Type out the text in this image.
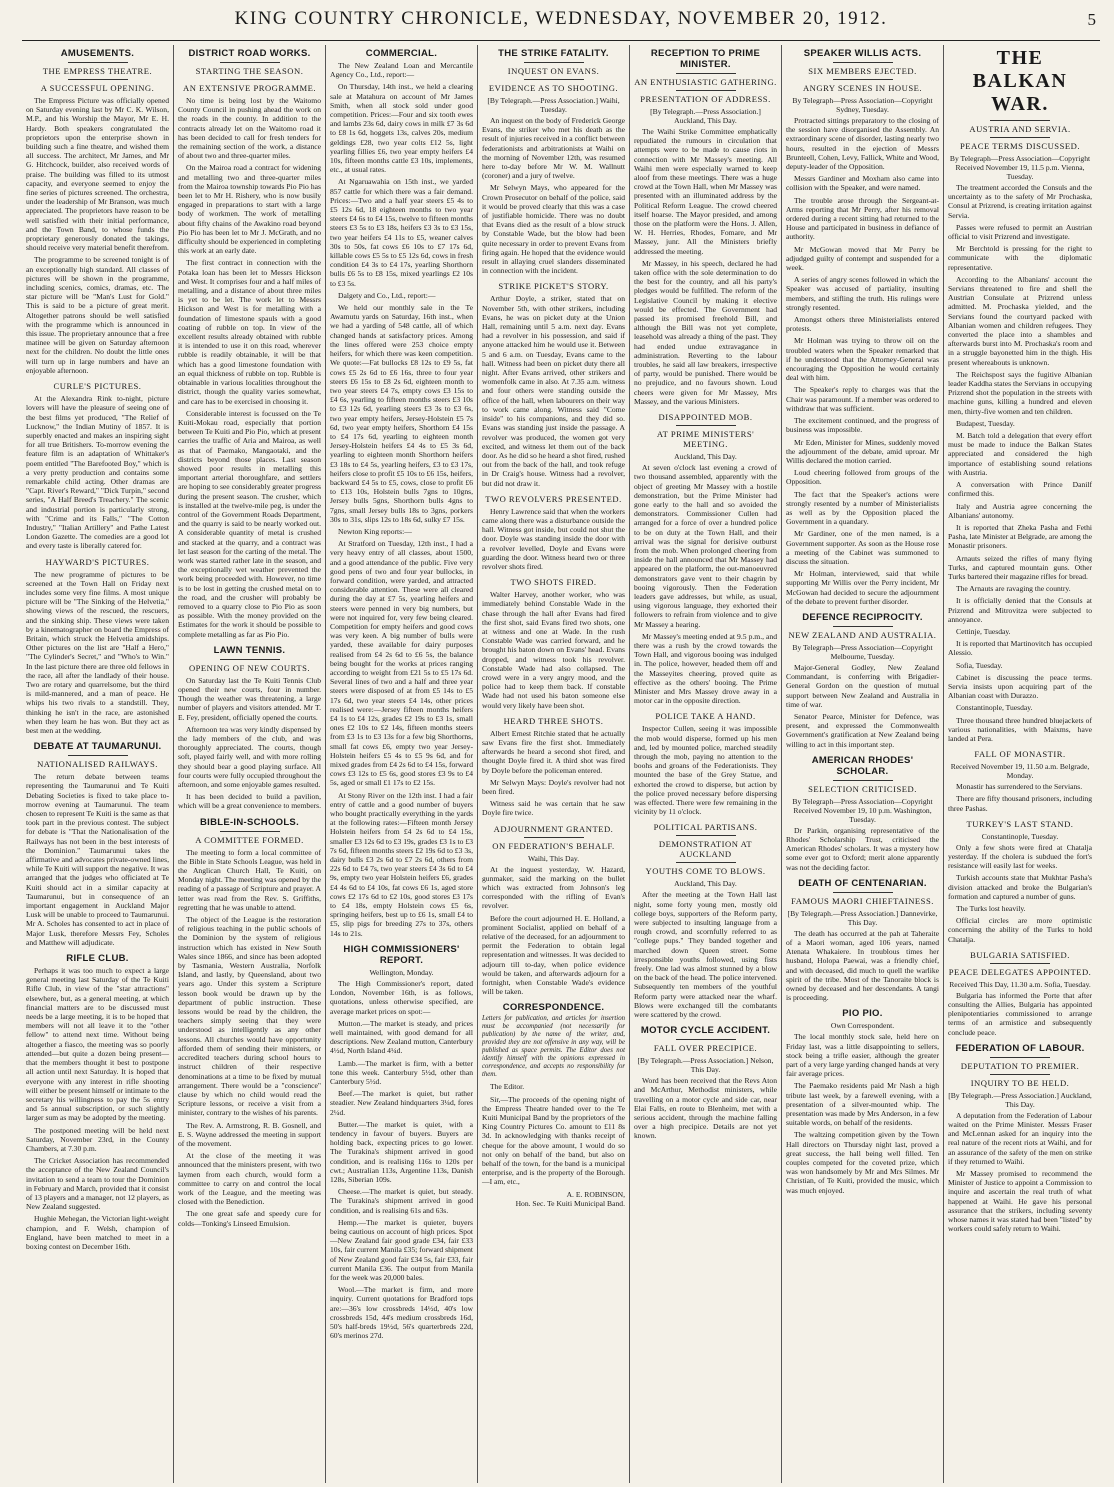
KING COUNTRY CHRONICLE, WEDNESDAY, NOVEMBER 20, 1912.	5
AMUSEMENTS.
THE EMPRESS THEATRE.
A SUCCESSFUL OPENING.

The Empress Picture was officially opened on Saturday evening last by Mr C. K. Wilson, M.P., and his Worship the Mayor, Mr E. H. Hardy. Both speakers congratulated the proprietors upon the enterprise shown in building such a fine theatre, and wished them all success. The architect, Mr James, and Mr G. Hitchcock, builder, also received words of praise. The building was filled to its utmost capacity, and everyone seemed to enjoy the fine series of pictures screened. The orchestra, under the leadership of Mr Branson, was much appreciated. The proprietors have reason to be well satisfied with their initial performance, and the Town Band, to whose funds the proprietary generously donated the takings, should receive very material benefit therefrom.

The programme to be screened tonight is of an exceptionally high standard. All classes of pictures will be shown in the programme, including scenics, comics, dramas, etc. The star picture will be "Man's Lust for Gold." This is said to be a picture of great merit. Altogether patrons should be well satisfied with the programme which is announced in this issue. The proprietary announce that a free matinee will be given on Saturday afternoon next for the children. No doubt the little ones will turn up in large numbers and have an enjoyable afternoon.

CURLE'S PICTURES.

At the Alexandra Rink to-night, picture lovers will have the pleasure of seeing one of the best films yet produced, "The Relief of Lucknow," the Indian Mutiny of 1857. It is superbly enacted and makes an inspiring sight for all true Britishers. To-morrow evening the feature film is an adaptation of Whittaker's poem entitled "The Barefooted Boy," which is a very pretty production and contains some remarkable child acting. Other dramas are "Capt. River's Reward," "Dick Turpin," second series, "A Half Breed's Treachery." The scenic and industrial portion is particularly strong, with "Crime and its Falls," "The Cotton Industry," "Italian Artillery" and Pathe Latest London Gazette. The comedies are a good lot and every taste is liberally catered for.

HAYWARD'S PICTURES.

The new programme of pictures to be screened at the Town Hall on Friday next includes some very fine films. A most unique picture will be "The Sinking of the Helvetia," showing views of the rescued, the rescuers, and the sinking ship. These views were taken by a kinematographer on board the Empress of Britain, which struck the Helvetia amidships. Other pictures on the list are "Half a Hero," "The Cylinder's Secret," and "Who's to Win." In the last picture there are three old fellows in the race, all after the landlady of their house. Two are rotary and quarrelsome, but the third is mild-mannered, and a man of peace. He whips his two rivals to a standstill. They, thinking he isn't in the race, are astonished when they learn he has won. But they act as best men at the wedding.

DEBATE AT TAUMARUNUI.
NATIONALISED RAILWAYS.

The return debate between teams representing the Taumarunui and Te Kuiti Debating Societies is fixed to take place to-morrow evening at Taumarunui. The team chosen to represent Te Kuiti is the same as that took part in the previous contest. The subject for debate is "That the Nationalisation of the Railways has not been in the best interests of the Dominion." Taumarunui takes the affirmative and advocates private-owned lines, while Te Kuiti will support the negative. It was arranged that the judges who officiated at Te Kuiti should act in a similar capacity at Taumarunui, but in consequence of an important engagement in Auckland Major Lusk will be unable to proceed to Taumarunui. Mr A. Scholes has consented to act in place of Major Lusk, therefore Messrs Fey, Scholes and Matthew will adjudicate.

RIFLE CLUB.

Perhaps it was too much to expect a large general meeting last Saturday of the Te Kuiti Rifle Club, in view of the "star attractions" elsewhere, but, as a general meeting, at which financial matters are to be discussed must needs be a large meeting, it is to be hoped that members will not all leave it to the "other fellow" to attend next time. Without being altogether a fiasco, the meeting was so poorly attended—but quite a dozen being present—that the members thought it best to postpone all action until next Saturday. It is hoped that everyone with any interest in rifle shooting will either be present himself or intimate to the secretary his willingness to pay the 5s entry and 5s annual subscription, or such slightly larger sum as may be adopted by the meeting.

The postponed meeting will be held next Saturday, November 23rd, in the County Chambers, at 7.30 p.m.

The Cricket Association has recommended the acceptance of the New Zealand Council's invitation to send a team to tour the Dominion in February and March, provided that it consist of 13 players and a manager, not 12 players, as New Zealand suggested.

Hughie Mehegan, the Victorian light-weight champion, and F. Welsh, champion of England, have been matched to meet in a boxing contest on December 16th.

DISTRICT ROAD WORKS.
STARTING THE SEASON.
AN EXTENSIVE PROGRAMME.

No time is being lost by the Waitomo County Council in pushing ahead the work on the roads in the county. In addition to the contracts already let on the Waitomo road it has been decided to call for fresh tenders for the remaining section of the work, a distance of about two and three-quarter miles.

On the Mairoa road a contract for widening and metalling two and three-quarter miles from the Mairoa township towards Pio Pio has been let to Mr H. Rishery, who is now busily engaged in preparations to start with a large body of workmen. The work of metalling about fifty chains of the Awakino road beyond Pio Pio has been let to Mr J. McGrath, and no difficulty should be experienced in completing this work at an early date.

The first contract in connection with the Potaka loan has been let to Messrs Hickson and West. It comprises four and a half miles of metalling, and a distance of about three miles is yet to be let. The work let to Messrs Hickson and West is for metalling with a foundation of limestone spauls with a good coating of rubble on top. In view of the excellent results already obtained with rubble it is intended to use it on this road, wherever rubble is readily obtainable, it will be that which has a good limestone foundation with an equal thickness of rubble on top. Rubble is obtainable in various localities throughout the district, though the quality varies somewhat, and care has to be exercised in choosing it.

Considerable interest is focussed on the Te Kuiti-Mokau road, especially that portion between Te Kuiti and Pio Pio, which at present carries the traffic of Aria and Mairoa, as well as that of Paemako, Mangaotaki, and the districts beyond those places. Last season showed poor results in metalling this important arterial thoroughfare, and settlers are hoping to see considerably greater progress during the present season. The crusher, which is installed at the twelve-mile peg, is under the control of the Government Roads Department, and the quarry is said to be nearly worked out. A considerable quantity of metal is crushed and stacked at the quarry, and a contract was let last season for the carting of the metal. The work was started rather late in the season, and the exceptionally wet weather prevented the work being proceeded with. However, no time is to be lost in getting the crushed metal on to the road, and the crusher will probably be removed to a quarry close to Pio Pio as soon as possible. With the money provided on the Estimates for the work it should be possible to complete metalling as far as Pio Pio.

LAWN TENNIS.
OPENING OF NEW COURTS.

On Saturday last the Te Kuiti Tennis Club opened their new courts, four in number. Though the weather was threatening, a large number of players and visitors attended. Mr T. E. Fey, president, officially opened the courts.

Afternoon tea was very kindly dispensed by the lady members of the club, and was thoroughly appreciated. The courts, though soft, played fairly well, and with more rolling they should bear a good playing surface. All four courts were fully occupied throughout the afternoon, and some enjoyable games resulted.

It has been decided to build a pavilion, which will be a great convenience to members.

BIBLE-IN-SCHOOLS.
A COMMITTEE FORMED.

The meeting to form a local committee of the Bible in State Schools League, was held in the Anglican Church Hall, Te Kuiti, on Monday night. The meeting was opened by the reading of a passage of Scripture and prayer. A letter was read from the Rev. S. Griffiths, regretting that he was unable to attend.

The object of the League is the restoration of religious teaching in the public schools of the Dominion by the system of religious instruction which has existed in New South Wales since 1866, and since has been adopted by Tasmania, Western Australia, Norfolk Island, and lastly, by Queensland, about two years ago. Under this system a Scripture lesson book would be drawn up by the department of public instruction. These lessons would be read by the children, the teachers simply seeing that they were understood as intelligently as any other lessons. All churches would have opportunity afforded them of sending their ministers, or accredited teachers during school hours to instruct children of their respective denominations at a time to be fixed by mutual arrangement. There would be a "conscience" clause by which no child would read the Scripture lessons, or receive a visit from a minister, contrary to the wishes of his parents.

The Rev. A. Armstrong, R. B. Gosnell, and E. S. Wayne addressed the meeting in support of the movement.

At the close of the meeting it was announced that the ministers present, with two laymen from each church, would form a committee to carry on and control the local work of the League, and the meeting was closed with the Benediction.

The one great safe and speedy cure for colds—Tonking's Linseed Emulsion.

COMMERCIAL.

The New Zealand Loan and Mercantile Agency Co., Ltd., report:—

On Thursday, 14th inst., we held a clearing sale at Matahura on account of Mr James Smith, when all stock sold under good competition. Prices:—Four and six tooth ewes and lambs 23s 6d, dairy cows in milk £7 3s 6d to £8 1s 6d, hoggets 13s, calves 20s, medium geldings £28, two year colts £12 5s, light yearling fillies £6, two year empty heifers £4 10s, fifteen months cattle £3 10s, implements, etc., at usual rates.

At Ngaruawahia on 15th inst., we yarded 857 cattle for which there was a fair demand. Prices:—Two and a half year steers £5 4s to £5 12s 6d, 18 eighteen months to two year steers £4 6s to £4 15s, twelve to fifteen months steers £3 5s to £3 18s, heifers £3 3s to £3 15s, two year heifers £4 11s to £5, weaner calves 30s to 50s, fat cows £6 10s to £7 17s 6d, killable cows £5 5s to £5 12s 6d, cows in fresh condition £4 3s to £4 17s, yearling Shorthorn bulls £6 5s to £8 15s, mixed yearlings £2 10s to £3 5s.

Dalgety and Co., Ltd., report:—

We held our monthly sale in the Te Awamutu yards on Saturday, 16th inst., when we had a yarding of 548 cattle, all of which changed hands at satisfactory prices. Among the lines offered were 253 choice empty heifers, for which there was keen competition. We quote:—Fat bullocks £8 12s to £9 5s, fat cows £5 2s 6d to £6 16s, three to four year steers £6 15s to £8 2s 6d, eighteen month to two year steers £4 7s, empty cows £3 15s to £4 6s, yearling to fifteen months steers £3 10s to £3 12s 6d, yearling steers £3 3s to £3 6s, two year empty heifers, Jersey-Holstein £5 7s 6d, two year empty heifers, Shorthorn £4 15s to £4 17s 6d, yearling to eighteen month Jersey-Holstein heifers £4 4s to £5 3s 6d, yearling to eighteen month Shorthorn heifers £3 18s to £4 5s, yearling heifers, £3 to £3 17s, heifers close to profit £5 10s to £6 15s, heifers, backward £4 5s to £5, cows, close to profit £6 to £13 10s, Holstein bulls 7gns to 10gns, Jersey bulls 5gns, Shorthorn bulls 4gns to 7gns, small Jersey bulls 18s to 3gns, porkers 30s to 31s, slips 12s to 18s 6d, sulky £7 15s.

Newton King reports:—

At Stratford on Tuesday, 12th inst., I had a very heavy entry of all classes, about 1500, and a good attendance of the public. Five very good pens of two and four year bullocks, in forward condition, were yarded, and attracted considerable attention. These were all cleared during the day at £7 5s, yearling heifers and steers were penned in very big numbers, but were not inquired for, very few being cleared. Competition for empty heifers and good cows was very keen. A big number of bulls were yarded, these available for dairy purposes realised from £4 2s 6d to £6 5s, the balance being bought for the works at prices ranging according to weight from £21 5s to £5 17s 6d. Several lines of two and a half and three year steers were disposed of at from £5 14s to £5 17s 6d, two year steers £4 14s, other prices realised were:—Jersey fifteen months heifers £4 1s to £4 12s, grades £2 19s to £3 1s, small ones £2 10s to £2 14s, fifteen months steers from £3 1s to £3 13s for a few big Shorthorns, small fat cows £6, empty two year Jersey-Holstein heifers £5 4s to £5 9s 6d, and for mixed grades from £4 2s 6d to £4 15s, forward cows £3 12s to £5 6s, good stores £3 9s to £4 5s, aged or small £1 17s to £2 15s.

At Stony River on the 12th inst. I had a fair entry of cattle and a good number of buyers who bought practically everything in the yards at the following rates:—Fifteen month Jersey Holstein heifers from £4 2s 6d to £4 15s, smaller £3 12s 6d to £3 19s, grades £3 1s to £3 7s 6d, fifteen months steers £2 19s 6d to £3 3s, dairy bulls £3 2s 6d to £7 2s 6d, others from 22s 6d to £4 7s, two year steers £4 3s 6d to £4 9s, empty two year Holstein heifers £6, grades £4 4s 6d to £4 10s, fat cows £6 1s, aged store cows £2 17s 6d to £2 10s, good stores £3 17s to £4 18s, empty Holstein cows £5 6s, springing heifers, best up to £6 1s, small £4 to £5, slip pigs for breeding 27s to 37s, others 14s to 21s.

HIGH COMMISSIONERS' REPORT.
Wellington, Monday.

The High Commissioner's report, dated London, November 16th, is as follows, quotations, unless otherwise specified, are average market prices on spot:—

Mutton.—The market is steady, and prices well maintained, with good demand for all descriptions. New Zealand mutton, Canterbury 4½d, North Island 4¼d.

Lamb.—The market is firm, with a better tone this week. Canterbury 5½d, other than Canterbury 5½d.

Beef.—The market is quiet, but rather steadier. New Zealand hindquarters 3¼d, fores 2¼d.

Butter.—The market is quiet, with a tendency in favour of buyers. Buyers are holding back, expecting prices to go lower. The Turakina's shipment arrived in good condition, and is realising 116s to 120s per cwt.; Australian 113s, Argentine 113s, Danish 128s, Siberian 109s.

Cheese.—The market is quiet, but steady. The Turakina's shipment arrived in good condition, and is realising 61s and 63s.

Hemp.—The market is quieter, buyers being cautious on account of high prices. Spot—New Zealand fair good grade £34, fair £33 10s, fair current Manila £35; forward shipment of New Zealand good fair £34 5s, fair £33, fair current Manila £36. The output from Manila for the week was 20,000 bales.

Wool.—The market is firm, and more inquiry. Current quotations for Bradford tops are:—36's low crossbreds 14½d, 40's low crossbreds 15d, 44's medium crossbreds 16d, 50's half-breds 19½d, 56's quarterbreds 22d, 60's merinos 27d.

THE STRIKE FATALITY.
INQUEST ON EVANS.
EVIDENCE AS TO SHOOTING.
[By Telegraph.—Press Association.] Waihi, Tuesday.

An inquest on the body of Frederick George Evans, the striker who met his death as the result of injuries received in a conflict between federationists and arbitrationists at Waihi on the morning of November 12th, was resumed here to-day before Mr W. M. Wallnutt (coroner) and a jury of twelve.

Mr Selwyn Mays, who appeared for the Crown Prosecutor on behalf of the police, said it would be proved clearly that this was a case of justifiable homicide. There was no doubt that Evans died as the result of a blow struck by Constable Wade, but the blow had been quite necessary in order to prevent Evans from firing again. He hoped that the evidence would result in allaying cruel slanders disseminated in connection with the incident.

STRIKE PICKET'S STORY.

Arthur Doyle, a striker, stated that on November 5th, with other strikers, including Evans, he was on picket duty at the Union Hall, remaining until 5 a.m. next day. Evans had a revolver in his possession, and said if anyone attacked him he would use it. Between 5 and 6 a.m. on Tuesday, Evans came to the hall. Witness had been on picket duty there all night. After Evans arrived, other strikers and womenfolk came in also. At 7.35 a.m. witness and four others were standing outside the office of the hall, when labourers on their way to work came along. Witness said "Come inside" to his companions, and they did so. Evans was standing just inside the passage. A revolver was produced, the women got very excited, and witness let them out of the back door. As he did so he heard a shot fired, rushed out from the back of the hall, and took refuge in Dr Craig's house. Witness had a revolver, but did not draw it.

TWO REVOLVERS PRESENTED.

Henry Lawrence said that when the workers came along there was a disturbance outside the hall. Witness got inside, but could not shut the door. Doyle was standing inside the door with a revolver levelled, Doyle and Evans were guarding the door. Witness heard two or three revolver shots fired.

TWO SHOTS FIRED.

Walter Harvey, another worker, who was immediately behind Constable Wade in the chase through the hall after Evans had fired the first shot, said Evans fired two shots, one at witness and one at Wade. In the rush Constable Wade was carried forward, and he brought his baton down on Evans' head. Evans dropped, and witness took his revolver. Constable Wade had also collapsed. The crowd were in a very angry mood, and the police had to keep them back. If constable Wade had not used his baton someone else would very likely have been shot.

HEARD THREE SHOTS.

Albert Ernest Ritchie stated that he actually saw Evans fire the first shot. Immediately afterwards he heard a second shot fired, and thought Doyle fired it. A third shot was fired by Doyle before the policeman entered.

Mr Selwyn Mays: Doyle's revolver had not been fired.

Witness said he was certain that he saw Doyle fire twice.

ADJOURNMENT GRANTED.
ON FEDERATION'S BEHALF.
Waihi, This Day.

At the inquest yesterday, W. Hazard, gunmaker, said the marking on the bullet which was extracted from Johnson's leg corresponded with the rifling of Evan's revolver.

Before the court adjourned H. E. Holland, a prominent Socialist, applied on behalf of a relative of the deceased, for an adjournment to permit the Federation to obtain legal representation and witnesses. It was decided to adjourn till to-day, when police evidence would be taken, and afterwards adjourn for a fortnight, when Constable Wade's evidence will be taken.

CORRESPONDENCE.
Letters for publication, and articles for insertion must be accompanied (not necessarily for publication) by the name of the writer, and, provided they are not offensive in any way, will be published as space permits. The Editor does not identify himself with the opinions expressed in correspondence, and accepts no responsibility for them.

The Editor.

Sir,—The proceeds of the opening night of the Empress Theatre handed over to the Te Kuiti Municipal Band by the proprietors of the King Country Pictures Co. amount to £11 8s 3d. In acknowledging with thanks receipt of cheque for the above amount, I would do so not only on behalf of the band, but also on behalf of the town, for the band is a municipal enterprise, and is the property of the Borough.—I am, etc.,

A. E. ROBINSON,
Hon. Sec. Te Kuiti Municipal Band.
RECEPTION TO PRIME MINISTER.
AN ENTHUSIASTIC GATHERING.
PRESENTATION OF ADDRESS.
[By Telegraph.—Press Association.] Auckland, This Day.

The Waihi Strike Committee emphatically repudiated the rumours in circulation that attempts were to be made to cause riots in connection with Mr Massey's meeting. All Waihi men were especially warned to keep aloof from these meetings. There was a huge crowd at the Town Hall, when Mr Massey was presented with an illuminated address by the Political Reform League. The crowd cheered itself hoarse. The Mayor presided, and among those on the platform were the Hons. J. Allen, W. H. Herries, Rhodes, Fomare, and Mr Massey, junr. All the Ministers briefly addressed the meeting.

Mr Massey, in his speech, declared he had taken office with the sole determination to do the best for the country, and all his party's pledges would be fulfilled. The reform of the Legislative Council by making it elective would be effected. The Government had passed its promised freehold Bill, and although the Bill was not yet complete, leasehold was already a thing of the past. They had ended undue extravagance in administration. Reverting to the labour troubles, he said all law breakers, irrespective of party, would be punished. There would be no prejudice, and no favours shown. Loud cheers were given for Mr Massey, Mrs Massey, and the various Ministers.

DISAPPOINTED MOB.
AT PRIME MINISTERS' MEETING.
Auckland, This Day.

At seven o'clock last evening a crowd of two thousand assembled, apparently with the object of greeting Mr Massey with a hostile demonstration, but the Prime Minister had gone early to the hall and so avoided the demonstrators. Commissioner Cullen had arranged for a force of over a hundred police to be on duty at the Town Hall, and their arrival was the signal for derisive outburst from the mob. When prolonged cheering from inside the hall announced that Mr Massey had appeared on the platform, the out-manoeuvred demonstrators gave vent to their chagrin by booing vigorously. Then the Federation leaders gave addresses, but while, as usual, using vigorous language, they exhorted their followers to refrain from violence and to give Mr Massey a hearing.

Mr Massey's meeting ended at 9.5 p.m., and there was a rush by the crowd towards the Town Hall, and vigorous booing was indulged in. The police, however, headed them off and the Masseyites cheering, proved quite as effective as the others' booing. The Prime Minister and Mrs Massey drove away in a motor car in the opposite direction.

POLICE TAKE A HAND.

Inspector Cullen, seeing it was impossible the mob would disperse, formed up his men and, led by mounted police, marched steadily through the mob, paying no attention to the boohs and groans of the Federationists. They mounted the base of the Grey Statue, and exhorted the crowd to disperse, but action by the police proved necessary before dispersing was effected. There were few remaining in the vicinity by 11 o'clock.

POLITICAL PARTISANS.
DEMONSTRATION AT AUCKLAND
YOUTHS COME TO BLOWS.
Auckland, This Day.

After the meeting at the Town Hall last night, some forty young men, mostly old college boys, supporters of the Reform party, were subjected to insulting language from a rough crowd, and scornfully referred to as "college pups." They banded together and marched down Queen street. Some irresponsible youths followed, using fists freely. One lad was almost stunned by a blow on the back of the head. The police intervened. Subsequently ten members of the youthful Reform party were attacked near the wharf. Blows were exchanged till the combatants were scattered by the crowd.

MOTOR CYCLE ACCIDENT.
FALL OVER PRECIPICE.
[By Telegraph.—Press Association.] Nelson, This Day.

Word has been received that the Revs Aton and McArthur, Methodist ministers, while travelling on a motor cycle and side car, near Elai Falls, en route to Blenheim, met with a serious accident, through the machine falling over a high precipice. Details are not yet known.

SPEAKER WILLIS ACTS.
SIX MEMBERS EJECTED.
ANGRY SCENES IN HOUSE.
By Telegraph—Press Association—Copyright Sydney, Tuesday.

Protracted sittings preparatory to the closing of the session have disorganised the Assembly. An extraordinary scene of disorder, lasting nearly two hours, resulted in the ejection of Messrs Brunteell, Cohen, Levy, Fallick, White and Wood, deputy-leader of the Opposition.

Messrs Gardiner and Moxham also came into collision with the Speaker, and were named.

The trouble arose through the Sergeant-at-Arms reporting that Mr Perry, after his removal ordered during a recent sitting had returned to the House and participated in business in defiance of authority.

Mr McGowan moved that Mr Perry be adjudged guilty of contempt and suspended for a week.

A series of angry scenes followed in which the Speaker was accused of partiality, insulting members, and stifling the truth. His rulings were strongly resented.

Amongst others three Ministerialists entered protests.

Mr Holman was trying to throw oil on the troubled waters when the Speaker remarked that if he understood that the Attorney-General was encouraging the Opposition he would certainly deal with him.

The Speaker's reply to charges was that the Chair was paramount. If a member was ordered to withdraw that was sufficient.

The excitement continued, and the progress of business was impossible.

Mr Eden, Minister for Mines, suddenly moved the adjournment of the debate, amid uproar. Mr Willis declared the motion carried.

Loud cheering followed from groups of the Opposition.

The fact that the Speaker's actions were strongly resented by a number of Ministerialists as well as by the Opposition placed the Government in a quandary.

Mr Gardiner, one of the men named, is a Government supporter. As soon as the House rose a meeting of the Cabinet was summoned to discuss the situation.

Mr Holman, interviewed, said that while supporting Mr Willis over the Perry incident, Mr McGowan had decided to secure the adjournment of the debate to prevent further disorder.

DEFENCE RECIPROCITY.
NEW ZEALAND AND AUSTRALIA.
By Telegraph—Press Association—Copyright Melbourne, Tuesday.

Major-General Godley, New Zealand Commandant, is conferring with Brigadier-General Gordon on the question of mutual support between New Zealand and Australia in time of war.

Senator Pearce, Minister for Defence, was present, and expressed the Commonwealth Government's gratification at New Zealand being willing to act in this important step.

AMERICAN RHODES' SCHOLAR.
SELECTION CRITICISED.
By Telegraph—Press Association—Copyright Received November 19, 10 p.m. Washington, Tuesday.

Dr Parkin, organising representative of the Rhodes' Scholarship Trust, criticised the American Rhodes' scholars. It was a mystery how some ever got to Oxford; merit alone apparently was not the deciding factor.

DEATH OF CENTENARIAN.
FAMOUS MAORI CHIEFTAINESS.
[By Telegraph.—Press Association.] Dannevirke, This Day.

The death has occurred at the pah at Taheraite of a Maori woman, aged 106 years, named Atenata Whakaiere. In troublous times her husband, Holopa Paewai, was a friendly chief, and with deceased, did much to quell the warlike spirit of the tribe. Most of the Tanoraite block is owned by deceased and her descendants. A tangi is proceeding.

PIO PIO.
Own Correspondent.

The local monthly stock sale, held here on Friday last, was a little disappointing to sellers, stock being a trifle easier, although the greater part of a very large yarding changed hands at very fair average prices.

The Paemako residents paid Mr Nash a high tribute last week, by a farewell evening, with a presentation of a silver-mounted whip. The presentation was made by Mrs Anderson, in a few suitable words, on behalf of the residents.

The waltzing competition given by the Town Hall directors on Thursday night last, proved a great success, the hall being well filled. Ten couples competed for the coveted prize, which was won handsomely by Mr and Mrs Silmes. Mr Christian, of Te Kuiti, provided the music, which was much enjoyed.

THE BALKAN WAR.
AUSTRIA AND SERVIA.
PEACE TERMS DISCUSSED.
By Telegraph—Press Association—Copyright Received November 19, 11.5 p.m. Vienna, Tuesday.

The treatment accorded the Consuls and the uncertainty as to the safety of Mr Prochaska, Consul at Prizrend, is creating irritation against Servia.

Passes were refused to permit an Austrian official to visit Prizrend and investigate.

Mr Berchtold is pressing for the right to communicate with the diplomatic representative.

According to the Albanians' account the Servians threatened to fire and shell the Austrian Consulate at Prizrend unless admitted. M. Prochaska yielded, and the Servians found the courtyard packed with Albanian women and children refugees. They converted the place into a shambles and afterwards burst into M. Prochaska's room and in a struggle bayonetted him in the thigh. His present whereabouts is unknown.

The Reichspost says the fugitive Albanian leader Kaddha states the Servians in occupying Prizrend shot the population in the streets with machine guns, killing a hundred and eleven men, thirty-five women and ten children.

Budapest, Tuesday.

M. Batch told a delegation that every effort must be made to induce the Balkan States appreciated and considered the high importance of establishing sound relations with Austria.

A conversation with Prince Danilf confirmed this.

Italy and Austria agree concerning the Albanians' autonomy.

It is reported that Zheka Pasha and Fethi Pasha, late Minister at Belgrade, are among the Monastir prisoners.

Arnauts seized the rifles of many flying Turks, and captured mountain guns. Other Turks bartered their magazine rifles for bread.

The Arnauts are ravaging the country.

It is officially denied that the Consuls at Prizrend and Mitrovitza were subjected to annoyance.

Cettinje, Tuesday.

It is reported that Martinovitch has occupied Alessio.

Sofia, Tuesday.

Cabinet is discussing the peace terms. Servia insists upon acquiring part of the Albanian coast with Durazzo.

Constantinople, Tuesday.

Three thousand three hundred bluejackets of various nationalities, with Maixms, have landed at Pera.

FALL OF MONASTIR.
Received November 19, 11.50 a.m. Belgrade, Monday.

Monastir has surrendered to the Servians.

There are fifty thousand prisoners, including three Pashas.

TURKEY'S LAST STAND.
Constantinople, Tuesday.

Only a few shots were fired at Chatalja yesterday. If the cholera is subdued the fort's resistance will easily last for weeks.

Turkish accounts state that Mukhtar Pasha's division attacked and broke the Bulgarian's formation and captured a number of guns.

The Turks lost heavily.

Official circles are more optimistic concerning the ability of the Turks to hold Chatalja.

BULGARIA SATISFIED.
PEACE DELEGATES APPOINTED.
Received This Day, 11.30 a.m. Sofia, Tuesday.

Bulgaria has informed the Porte that after consulting the Allies, Bulgaria has appointed plenipotentiaries commissioned to arrange terms of an armistice and subsequently conclude peace.

FEDERATION OF LABOUR.
DEPUTATION TO PREMIER.
INQUIRY TO BE HELD.
[By Telegraph.—Press Association.] Auckland, This Day.

A deputation from the Federation of Labour waited on the Prime Minister. Messrs Fraser and McLennan asked for an inquiry into the real nature of the recent riots at Waihi, and for an assurance of the safety of the men on strike if they returned to Waihi.

Mr Massey promised to recommend the Minister of Justice to appoint a Commission to inquire and ascertain the real truth of what happened at Waihi. He gave his personal assurance that the strikers, including seventy whose names it was stated had been "listed" by workers could safely return to Waihi.
